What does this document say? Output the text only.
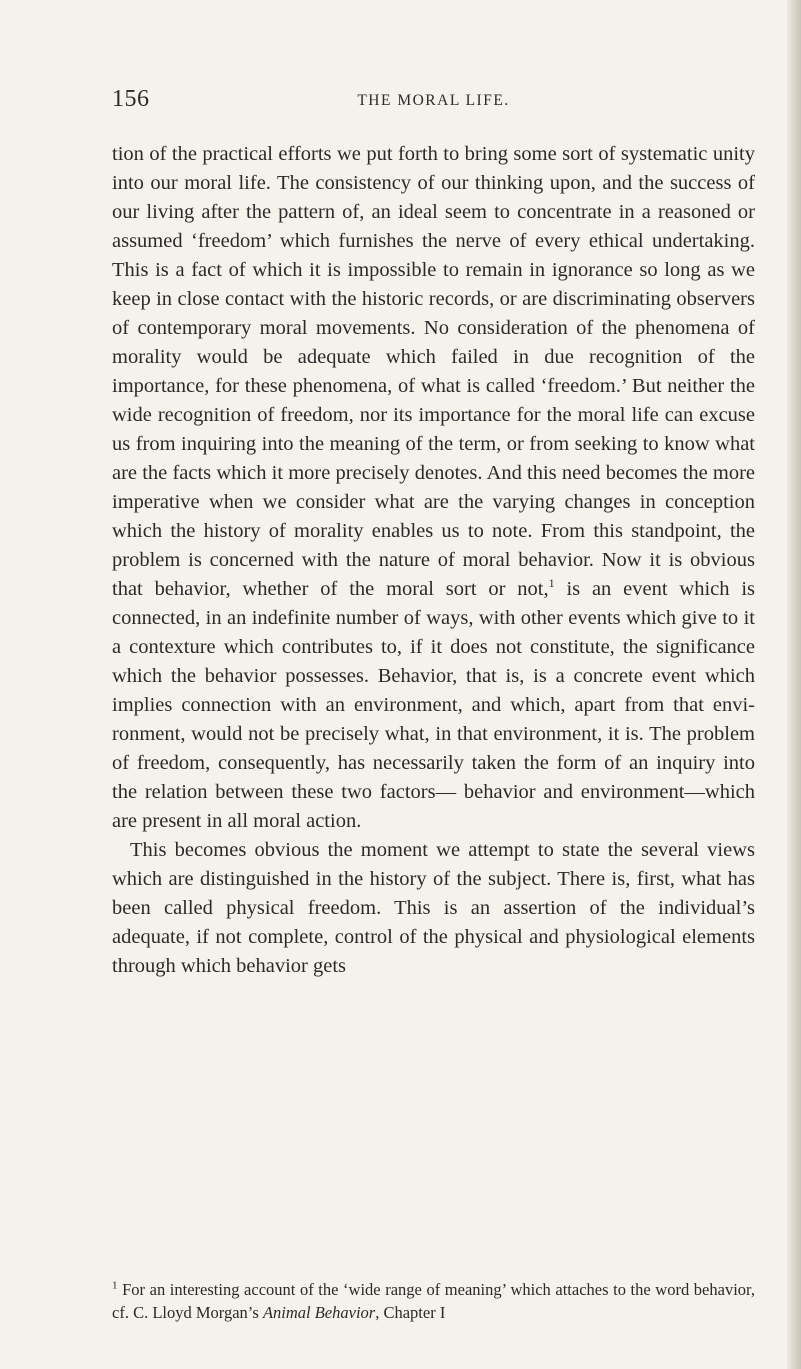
156	THE MORAL LIFE.

tion of the practical efforts we put forth to bring some sort of systematic unity into our moral life. The consistency of our thinking upon, and the success of our living after the pattern of, an ideal seem to concentrate in a reasoned or assumed ‘freedom’ which furnishes the nerve of every ethical undertaking. This is a fact of which it is impossible to remain in ignorance so long as we keep in close contact with the historic records, or are discriminating observers of contemporary moral movements. No consideration of the phenomena of morality would be adequate which failed in due recognition of the importance, for these phenomena, of what is called ‘freedom.’ But neither the wide recognition of freedom, nor its importance for the moral life can excuse us from inquiring into the meaning of the term, or from seeking to know what are the facts which it more precisely denotes. And this need becomes the more imperative when we consider what are the varying changes in conception which the history of morality enables us to note. From this standpoint, the problem is concerned with the nature of moral behavior. Now it is obvious that behavior, whether of the moral sort or not,$^1$ is an event which is connected, in an indefinite number of ways, with other events which give to it a contexture which contributes to, if it does not constitute, the significance which the behavior possesses. Behavior, that is, is a concrete event which implies connection with an environment, and which, apart from that environment, would not be precisely what, in that environment, it is. The problem of freedom, consequently, has necessarily taken the form of an inquiry into the relation between these two factors— behavior and environment—which are present in all moral action.

This becomes obvious the moment we attempt to state the several views which are distinguished in the history of the subject. There is, first, what has been called physical freedom. This is an assertion of the individual’s adequate, if not complete, control of the physical and physiological elements through which behavior gets

$^1$ For an interesting account of the ‘wide range of meaning’ which attaches to the word behavior, cf. C. Lloyd Morgan’s Animal Behavior, Chapter I
